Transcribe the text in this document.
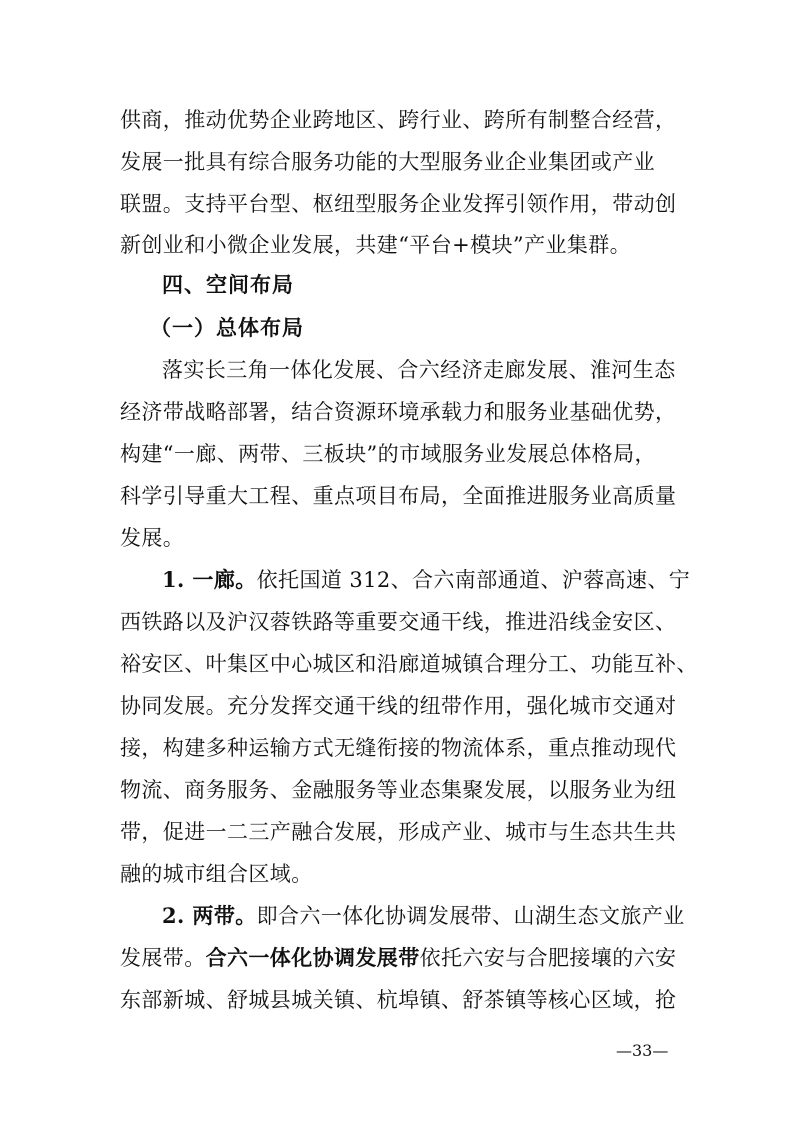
供商，推动优势企业跨地区、跨行业、跨所有制整合经营，
发展一批具有综合服务功能的大型服务业企业集团或产业
联盟。支持平台型、枢纽型服务企业发挥引领作用，带动创
新创业和小微企业发展，共建“平台+模块”产业集群。
四、空间布局
（一）总体布局
落实长三角一体化发展、合六经济走廊发展、淮河生态
经济带战略部署，结合资源环境承载力和服务业基础优势，
构建“一廊、两带、三板块”的市域服务业发展总体格局，
科学引导重大工程、重点项目布局，全面推进服务业高质量
发展。
1. 一廊。依托国道 312、合六南部通道、沪蓉高速、宁
西铁路以及沪汉蓉铁路等重要交通干线，推进沿线金安区、
裕安区、叶集区中心城区和沿廊道城镇合理分工、功能互补、
协同发展。充分发挥交通干线的纽带作用，强化城市交通对
接，构建多种运输方式无缝衔接的物流体系，重点推动现代
物流、商务服务、金融服务等业态集聚发展，以服务业为纽
带，促进一二三产融合发展，形成产业、城市与生态共生共
融的城市组合区域。
2. 两带。即合六一体化协调发展带、山湖生态文旅产业
发展带。合六一体化协调发展带依托六安与合肥接壤的六安
东部新城、舒城县城关镇、杭埠镇、舒茶镇等核心区域，抢
—33—
